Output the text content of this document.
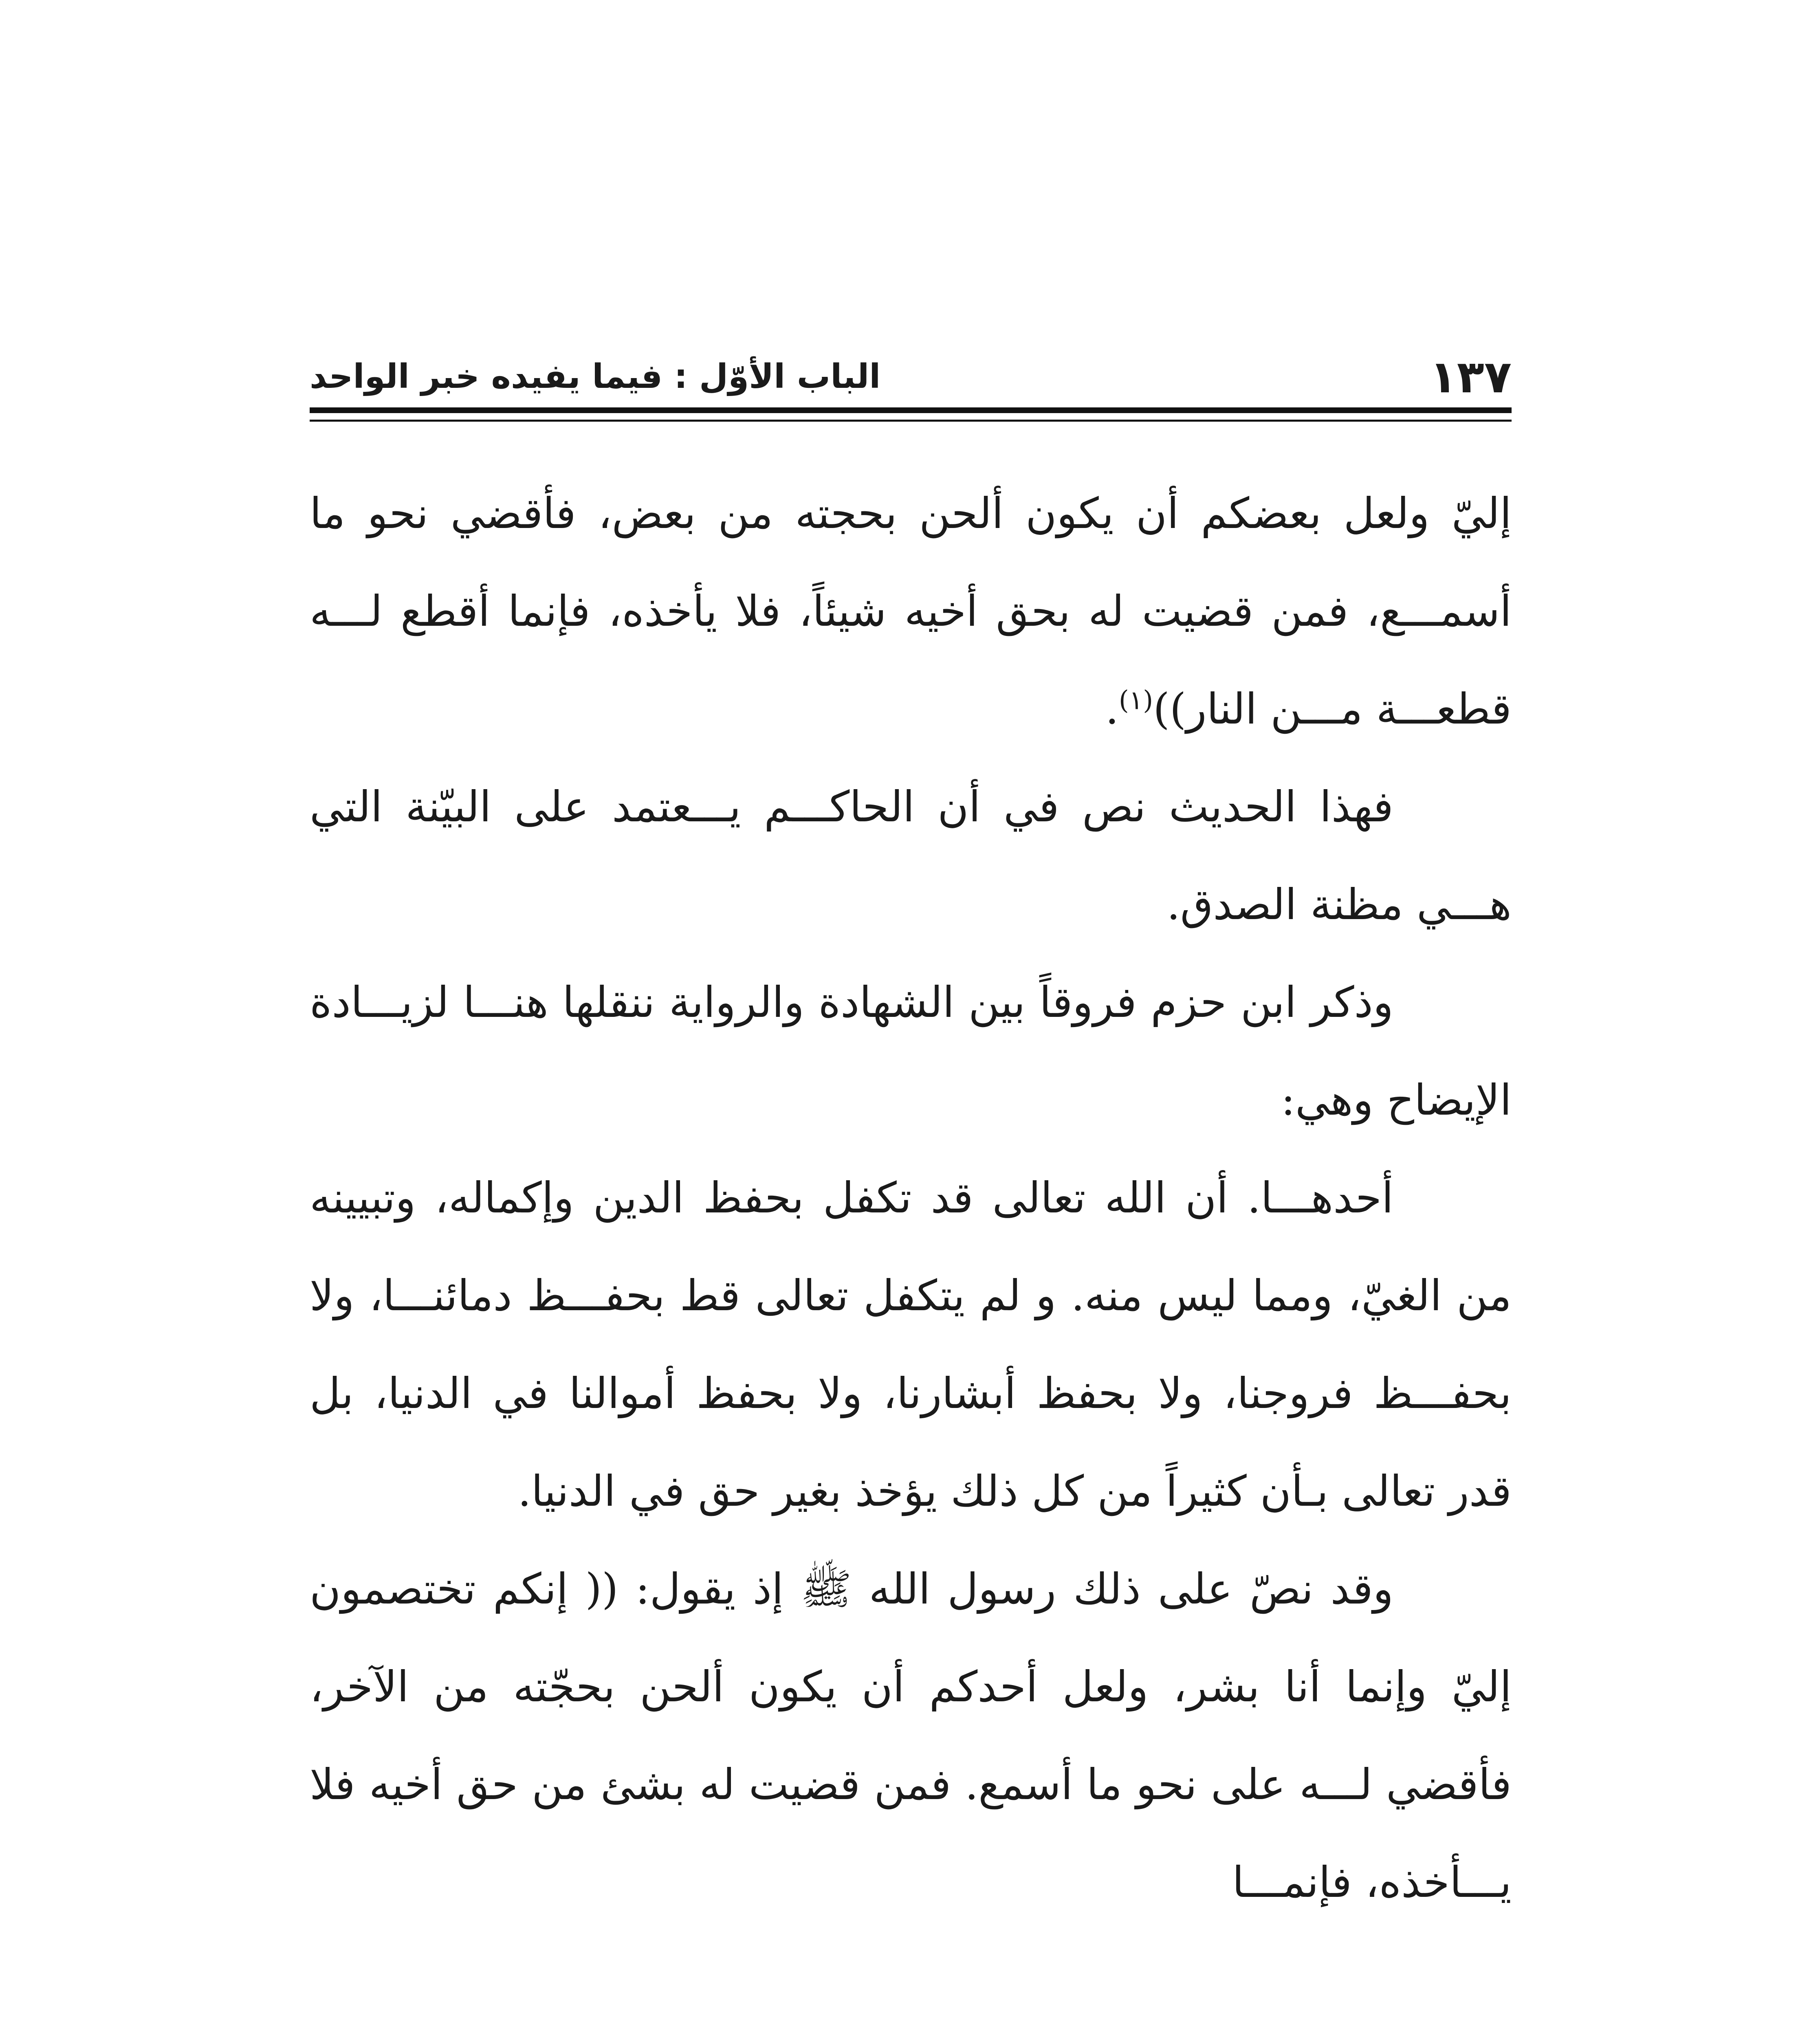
١٣٧
الباب الأوّل : فيما يفيده خبر الواحد

إليّ ولعل بعضكم أن يكون ألحن بحجته من بعض، فأقضي نحو ما أسمـــع، فمن قضيت له بحق أخيه شيئاً، فلا يأخذه، فإنما أقطع لـــه قطعـــة مـــن النار))$^{(١)}$.

فهذا الحديث نص في أن الحاكـــم يـــعتمد على البيّنة التي هـــي مظنة الصدق.

وذكر ابن حزم فروقاً بين الشهادة والرواية ننقلها هنـــا لزيـــادة الإيضاح وهي:

أحدهـــا. أن الله تعالى قد تكفل بحفظ الدين وإكماله، وتبيينه من الغيّ، ومما ليس منه. و لم يتكفل تعالى قط بحفـــظ دمائنـــا، ولا بحفـــظ فروجنا، ولا بحفظ أبشارنا، ولا بحفظ أموالنا في الدنيا، بل قدر تعالى بـأن كثيراً من كل ذلك يؤخذ بغير حق في الدنيا.

وقد نصّ على ذلك رسول الله ﷺ إذ يقول: (( إنكم تختصمون إليّ وإنما أنا بشر، ولعل أحدكم أن يكون ألحن بحجّته من الآخر، فأقضي لـــه على نحو ما أسمع. فمن قضيت له بشئ من حق أخيه فلا يـــأخذه، فإنمـــا
